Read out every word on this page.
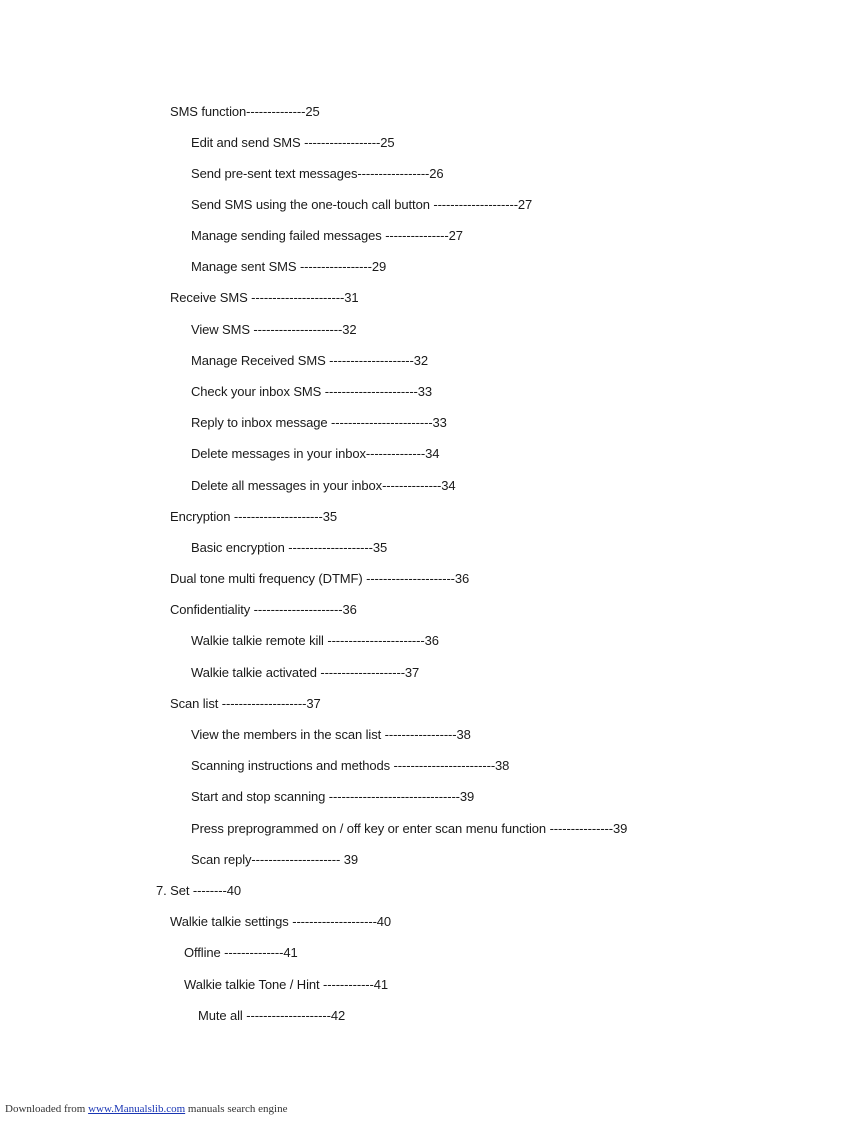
SMS function--------------25
Edit and send SMS ------------------25
Send pre-sent text messages-----------------26
Send SMS using the one-touch call button --------------------27
Manage sending failed messages ---------------27
Manage sent SMS -----------------29
Receive SMS ----------------------31
View SMS ---------------------32
Manage Received SMS --------------------32
Check your inbox SMS ----------------------33
Reply to inbox message ------------------------33
Delete messages in your inbox--------------34
Delete all messages in your inbox--------------34
Encryption ---------------------35
Basic encryption --------------------35
Dual tone multi frequency (DTMF) ---------------------36
Confidentiality ---------------------36
Walkie talkie remote kill -----------------------36
Walkie talkie activated --------------------37
Scan list --------------------37
View the members in the scan list -----------------38
Scanning instructions and methods ------------------------38
Start and stop scanning -------------------------------39
Press preprogrammed on / off key or enter scan menu function ---------------39
Scan reply--------------------- 39
7. Set --------40
Walkie talkie settings --------------------40
Offline --------------41
Walkie talkie Tone / Hint ------------41
Mute all --------------------42
Downloaded from www.Manualslib.com manuals search engine
